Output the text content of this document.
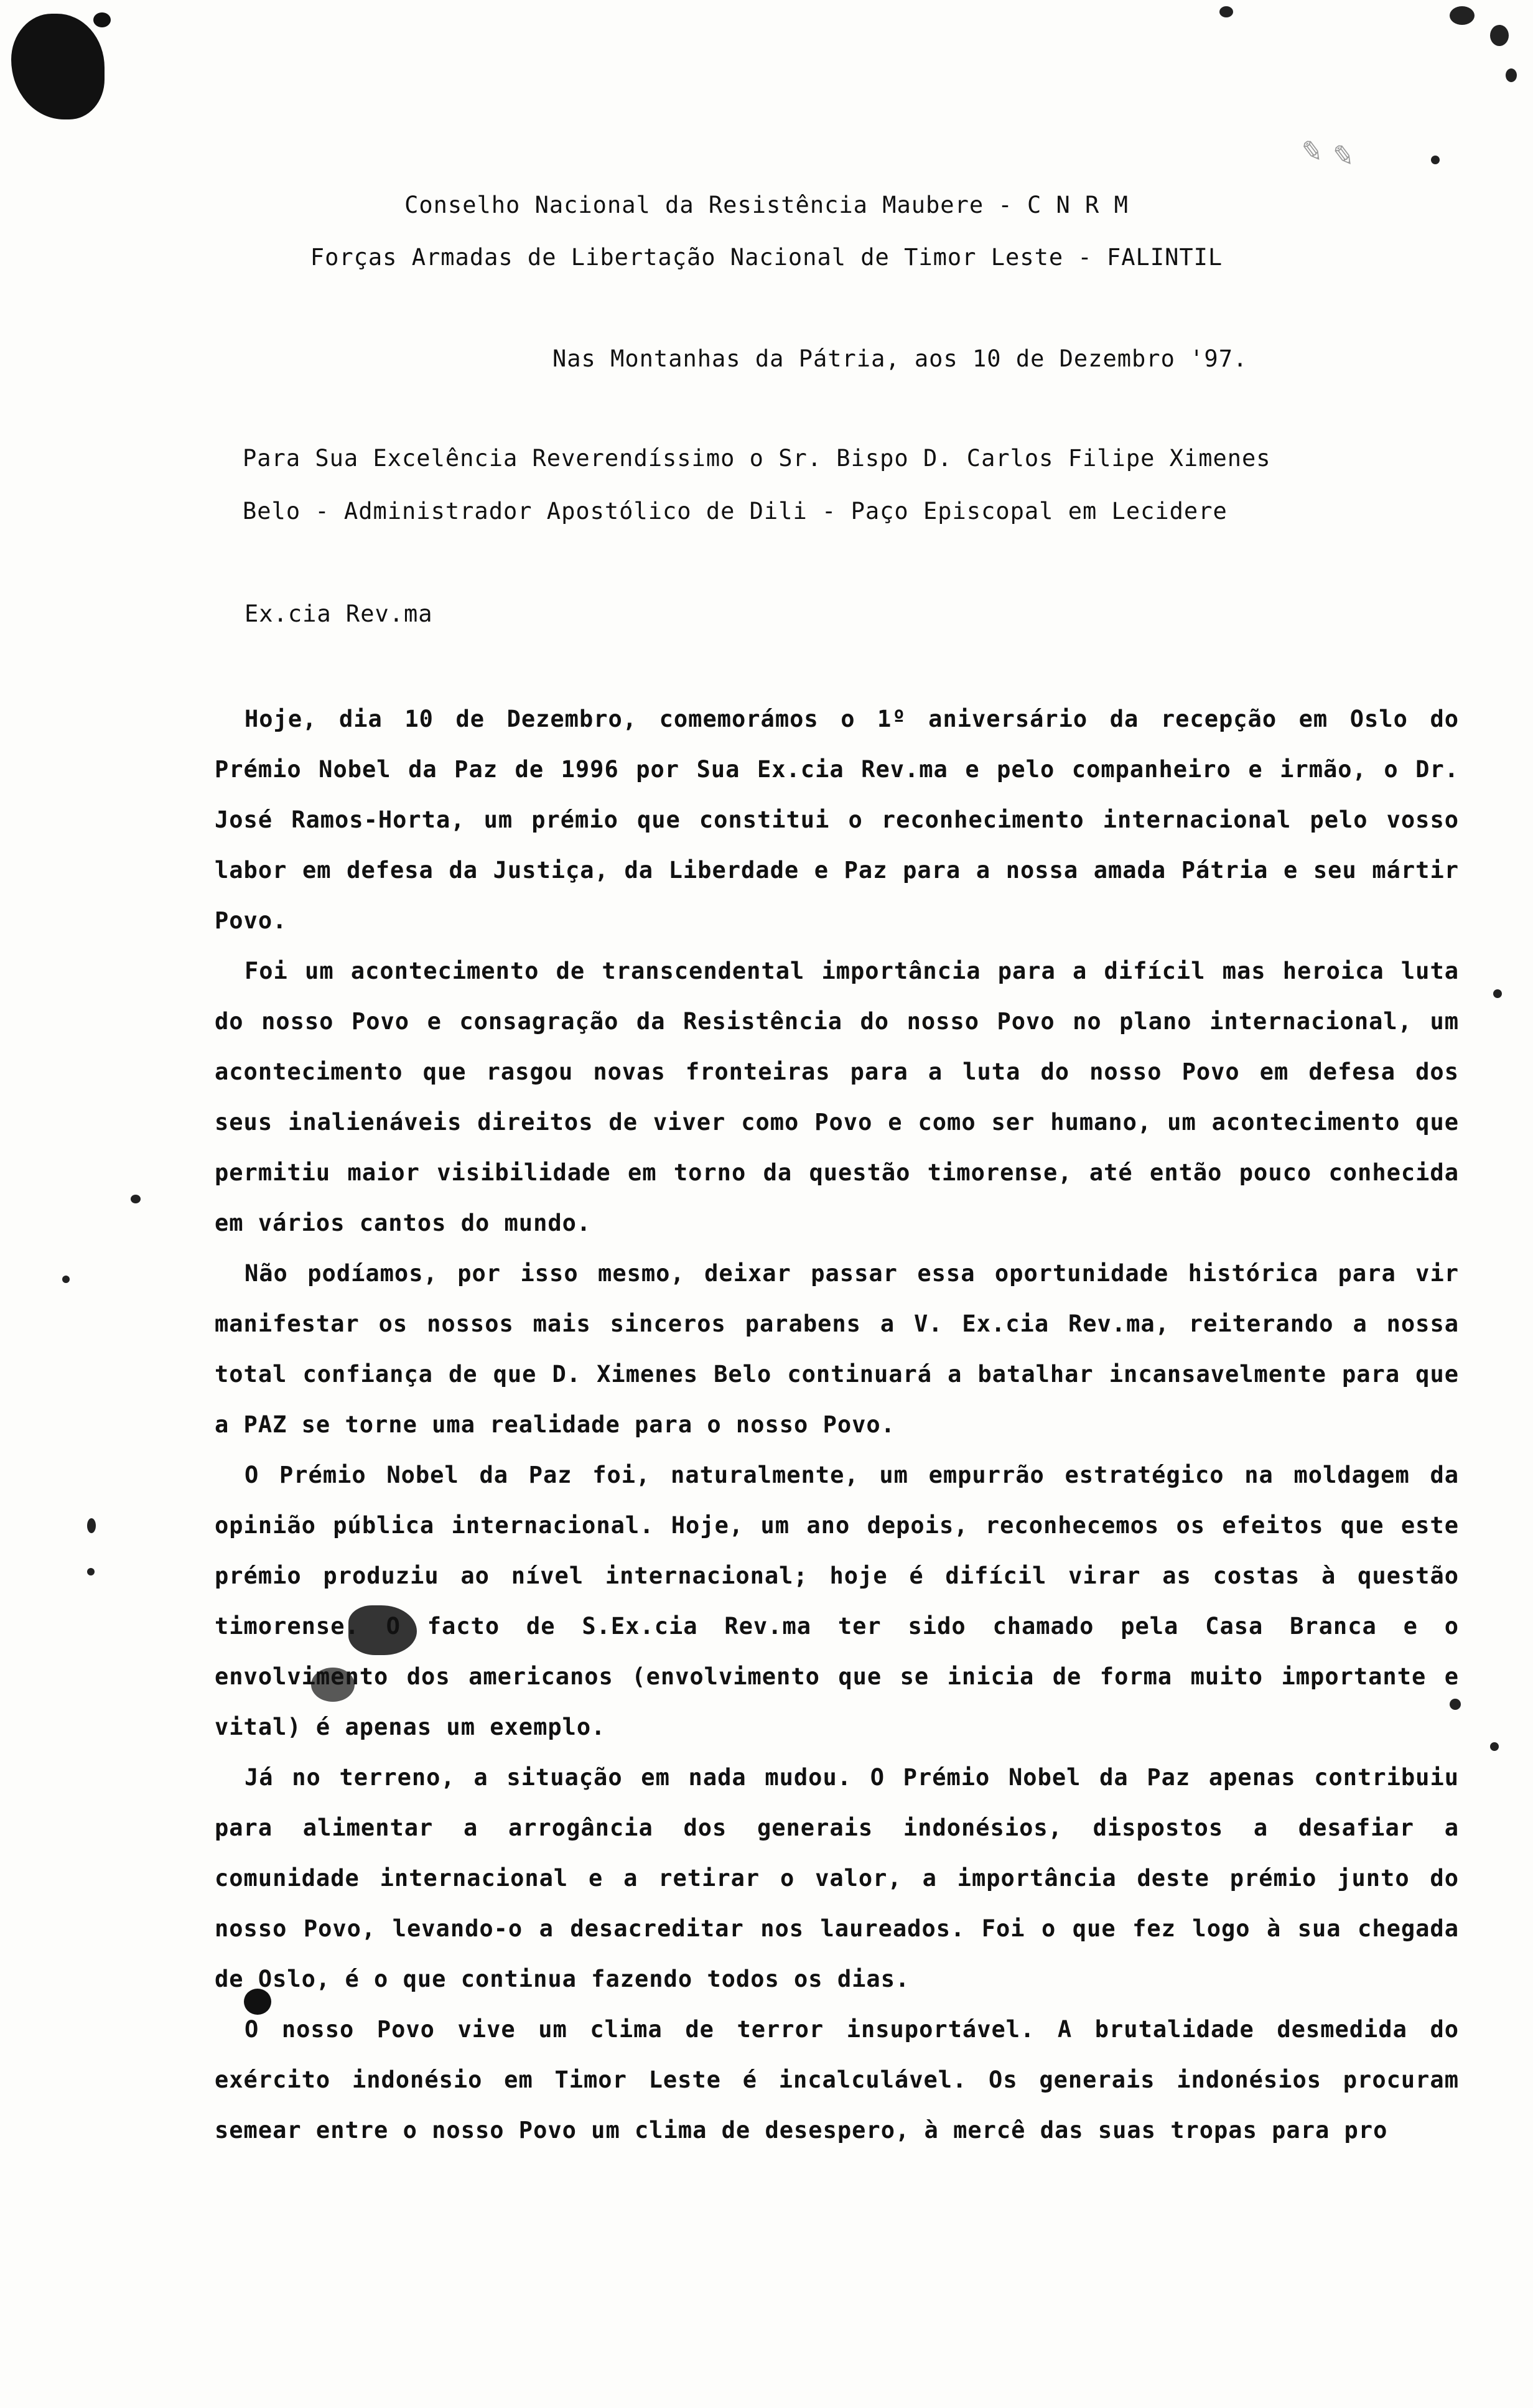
✎ ✎
Conselho Nacional da Resistência Maubere - C N R M
Forças Armadas de Libertação Nacional de Timor Leste - FALINTIL
Nas Montanhas da Pátria, aos 10 de Dezembro '97.
Para Sua Excelência Reverendíssimo o Sr. Bispo D. Carlos Filipe Ximenes
Belo - Administrador Apostólico de Dili - Paço Episcopal em Lecidere
Ex.cia Rev.ma

Hoje, dia 10 de Dezembro, comemorámos o 1º aniversário da recepção em Oslo do Prémio Nobel da Paz de 1996 por Sua Ex.cia Rev.ma e pelo companheiro e irmão, o Dr. José Ramos-Horta, um prémio que constitui o reconhecimento internacional pelo vosso labor em defesa da Justiça, da Liberdade e Paz para a nossa amada Pátria e seu mártir Povo.

Foi um acontecimento de transcendental importância para a difícil mas heroica luta do nosso Povo e consagração da Resistência do nosso Povo no plano internacional, um acontecimento que rasgou novas fronteiras para a luta do nosso Povo em defesa dos seus inalienáveis direitos de viver como Povo e como ser humano, um acontecimento que permitiu maior visibilidade em torno da questão timorense, até então pouco conhecida em vários cantos do mundo.

Não podíamos, por isso mesmo, deixar passar essa oportunidade histórica para vir manifestar os nossos mais sinceros parabens a V. Ex.cia Rev.ma, reiterando a nossa total confiança de que D. Ximenes Belo continuará a batalhar incansavelmente para que a PAZ se torne uma realidade para o nosso Povo.

O Prémio Nobel da Paz foi, naturalmente, um empurrão estratégico na moldagem da opinião pública internacional. Hoje, um ano depois, reconhecemos os efeitos que este prémio produziu ao nível internacional; hoje é difícil virar as costas à questão timorense. O facto de S.Ex.cia Rev.ma ter sido chamado pela Casa Branca e o envolvimento dos americanos (envolvimento que se inicia de forma muito importante e vital) é apenas um exemplo.

Já no terreno, a situação em nada mudou. O Prémio Nobel da Paz apenas contribuiu para alimentar a arrogância dos generais indonésios, dispostos a desafiar a comunidade internacional e a retirar o valor, a importância deste prémio junto do nosso Povo, levando-o a desacreditar nos laureados. Foi o que fez logo à sua chegada de Oslo, é o que continua fazendo todos os dias.

O nosso Povo vive um clima de terror insuportável. A brutalidade desmedida do exército indonésio em Timor Leste é incalculável. Os generais indonésios procuram semear entre o nosso Povo um clima de desespero, à mercê das suas tropas para pro
